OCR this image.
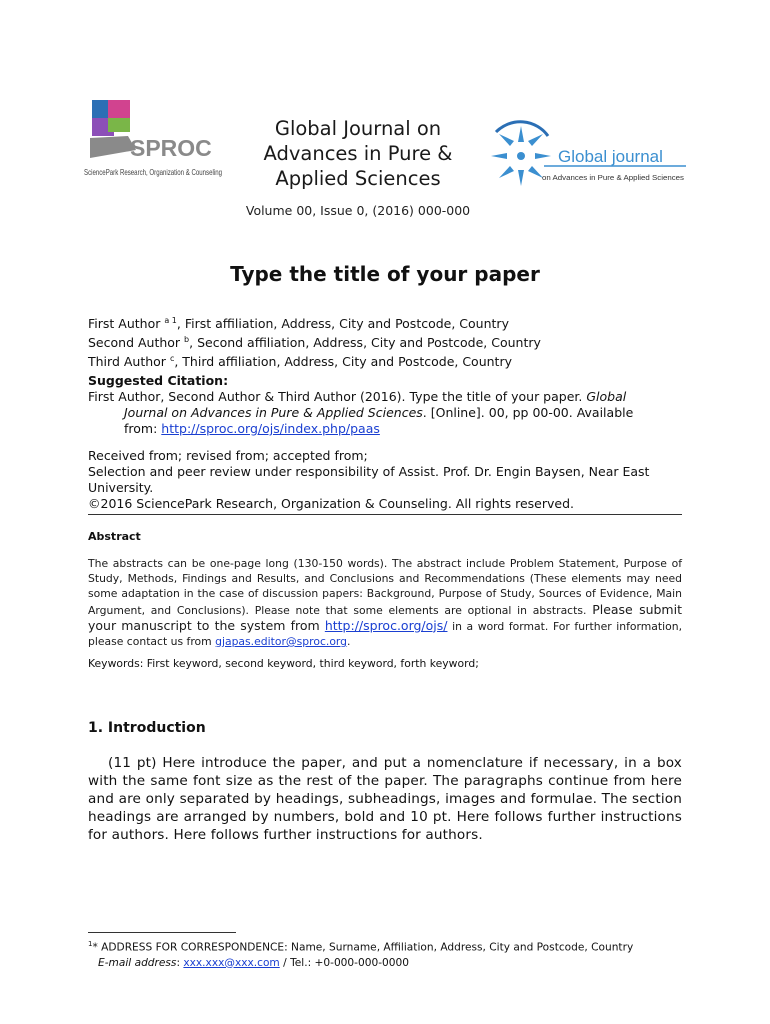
SPROC
SciencePark Research, Organization & Counseling
Global Journal on
Advances in Pure &
Applied Sciences
Volume 00, Issue 0, (2016) 000-000
Global journal
on Advances in Pure & Applied Sciences
Type the title of your paper
First Author $^{a 1}$, First affiliation, Address, City and Postcode, Country
Second Author $^b$, Second affiliation, Address, City and Postcode, Country
Third Author $^c$, Third affiliation, Address, City and Postcode, Country
Suggested Citation:
First Author, Second Author & Third Author (2016). Type the title of your paper. Global
Journal on Advances in Pure & Applied Sciences. [Online]. 00, pp 00-00. Available
from: http://sproc.org/ojs/index.php/paas
Received from; revised from; accepted from;
Selection and peer review under responsibility of Assist. Prof. Dr. Engin Baysen, Near East University.
©2016 SciencePark Research, Organization & Counseling. All rights reserved.
Abstract
The abstracts can be one-page long (130-150 words). The abstract include Problem Statement, Purpose of Study, Methods, Findings and Results, and Conclusions and Recommendations (These elements may need some adaptation in the case of discussion papers: Background, Purpose of Study, Sources of Evidence, Main Argument, and Conclusions). Please note that some elements are optional in abstracts. Please submit your manuscript to the system from http://sproc.org/ojs/ in a word format. For further information, please contact us from gjapas.editor@sproc.org.
Keywords: First keyword, second keyword, third keyword, forth keyword;
1. Introduction
(11 pt) Here introduce the paper, and put a nomenclature if necessary, in a box with the same font size as the rest of the paper. The paragraphs continue from here and are only separated by headings, subheadings, images and formulae. The section headings are arranged by numbers, bold and 10 pt. Here follows further instructions for authors. Here follows further instructions for authors.
$^1$* ADDRESS FOR CORRESPONDENCE: Name, Surname, Affiliation, Address, City and Postcode, Country
E-mail address: xxx.xxx@xxx.com / Tel.: +0-000-000-0000
